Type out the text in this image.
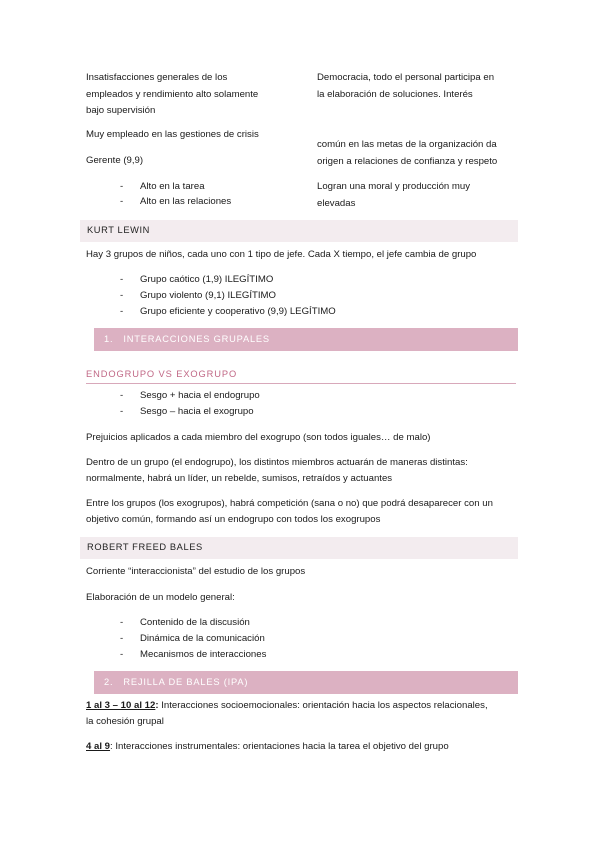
Insatisfacciones generales de los
empleados y rendimiento alto solamente
bajo supervisión
Muy empleado en las gestiones de crisis
Gerente (9,9)
- Alto en la tarea
- Alto en las relaciones
Democracia, todo el personal participa en
la elaboración de soluciones. Interés
común en las metas de la organización da
origen a relaciones de confianza y respeto
Logran una moral y producción muy
elevadas
KURT LEWIN
Hay 3 grupos de niños, cada uno con 1 tipo de jefe. Cada X tiempo, el jefe cambia de grupo
- Grupo caótico (1,9) ILEGÍTIMO
- Grupo violento (9,1) ILEGÍTIMO
- Grupo eficiente y cooperativo (9,9) LEGÍTIMO
1. INTERACCIONES GRUPALES
ENDOGRUPO VS EXOGRUPO
- Sesgo + hacia el endogrupo
- Sesgo – hacia el exogrupo
Prejuicios aplicados a cada miembro del exogrupo (son todos iguales… de malo)
Dentro de un grupo (el endogrupo), los distintos miembros actuarán de maneras distintas:
normalmente, habrá un líder, un rebelde, sumisos, retraídos y actuantes
Entre los grupos (los exogrupos), habrá competición (sana o no) que podrá desaparecer con un
objetivo común, formando así un endogrupo con todos los exogrupos
ROBERT FREED BALES
Corriente “interaccionista” del estudio de los grupos
Elaboración de un modelo general:
- Contenido de la discusión
- Dinámica de la comunicación
- Mecanismos de interacciones
2. REJILLA DE BALES (IPA)
1 al 3 – 10 al 12: Interacciones socioemocionales: orientación hacia los aspectos relacionales,
la cohesión grupal
4 al 9: Interacciones instrumentales: orientaciones hacia la tarea el objetivo del grupo
